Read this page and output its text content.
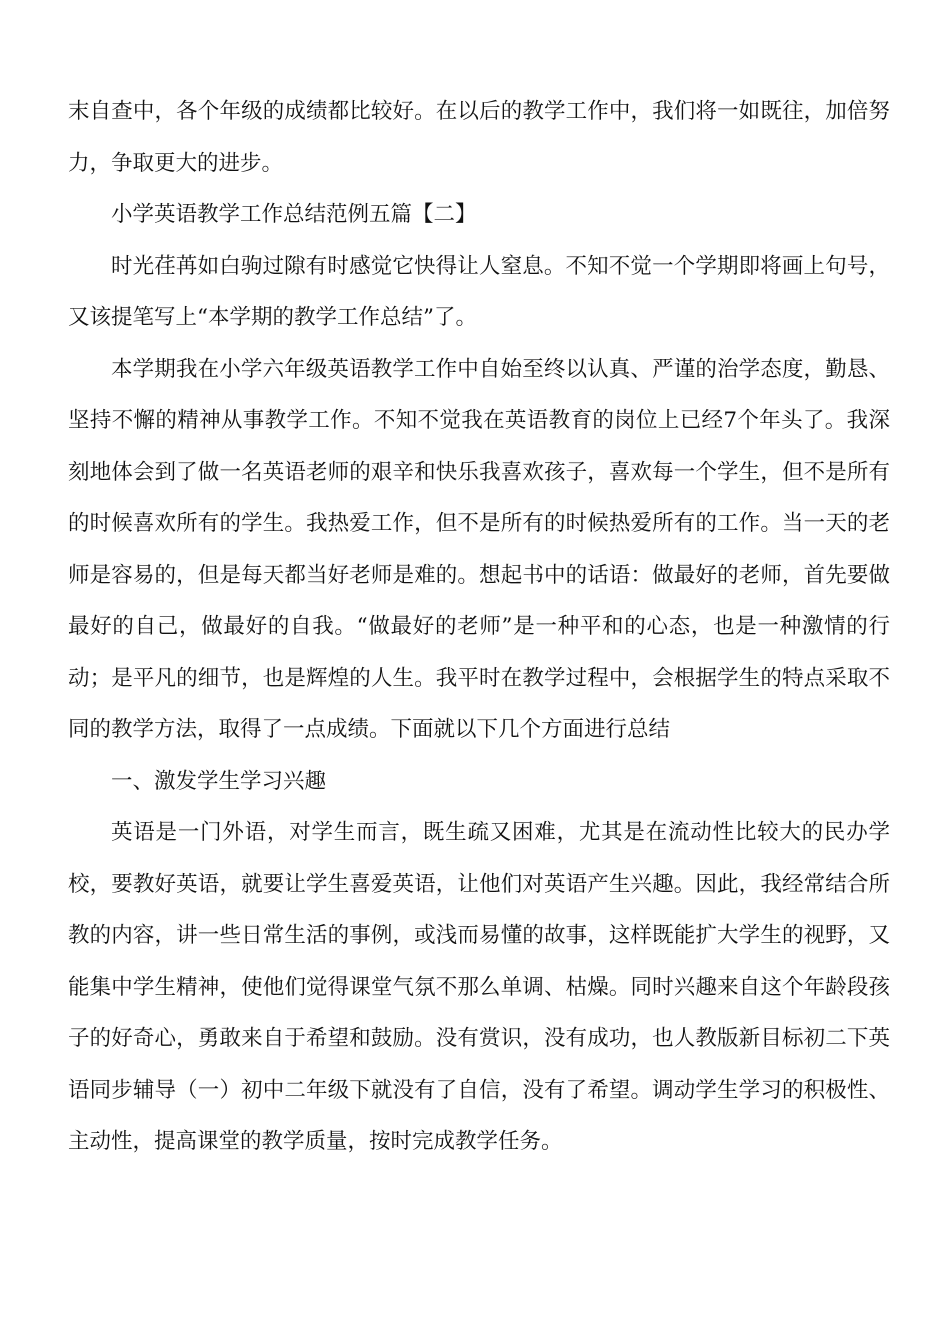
末自查中，各个年级的成绩都比较好。在以后的教学工作中，我们将一如既往，加倍努力，争取更大的进步。

小学英语教学工作总结范例五篇【二】

时光荏苒如白驹过隙有时感觉它快得让人窒息。不知不觉一个学期即将画上句号，又该提笔写上“本学期的教学工作总结”了。

本学期我在小学六年级英语教学工作中自始至终以认真、严谨的治学态度，勤恳、坚持不懈的精神从事教学工作。不知不觉我在英语教育的岗位上已经7个年头了。我深刻地体会到了做一名英语老师的艰辛和快乐我喜欢孩子，喜欢每一个学生，但不是所有的时候喜欢所有的学生。我热爱工作，但不是所有的时候热爱所有的工作。当一天的老师是容易的，但是每天都当好老师是难的。想起书中的话语：做最好的老师，首先要做最好的自己，做最好的自我。“做最好的老师”是一种平和的心态，也是一种激情的行动；是平凡的细节，也是辉煌的人生。我平时在教学过程中，会根据学生的特点采取不同的教学方法，取得了一点成绩。下面就以下几个方面进行总结

一、激发学生学习兴趣

英语是一门外语，对学生而言，既生疏又困难，尤其是在流动性比较大的民办学校，要教好英语，就要让学生喜爱英语，让他们对英语产生兴趣。因此，我经常结合所教的内容，讲一些日常生活的事例，或浅而易懂的故事，这样既能扩大学生的视野，又能集中学生精神，使他们觉得课堂气氛不那么单调、枯燥。同时兴趣来自这个年龄段孩子的好奇心，勇敢来自于希望和鼓励。没有赏识，没有成功，也人教版新目标初二下英语同步辅导（一）初中二年级下就没有了自信，没有了希望。调动学生学习的积极性、主动性，提高课堂的教学质量，按时完成教学任务。
